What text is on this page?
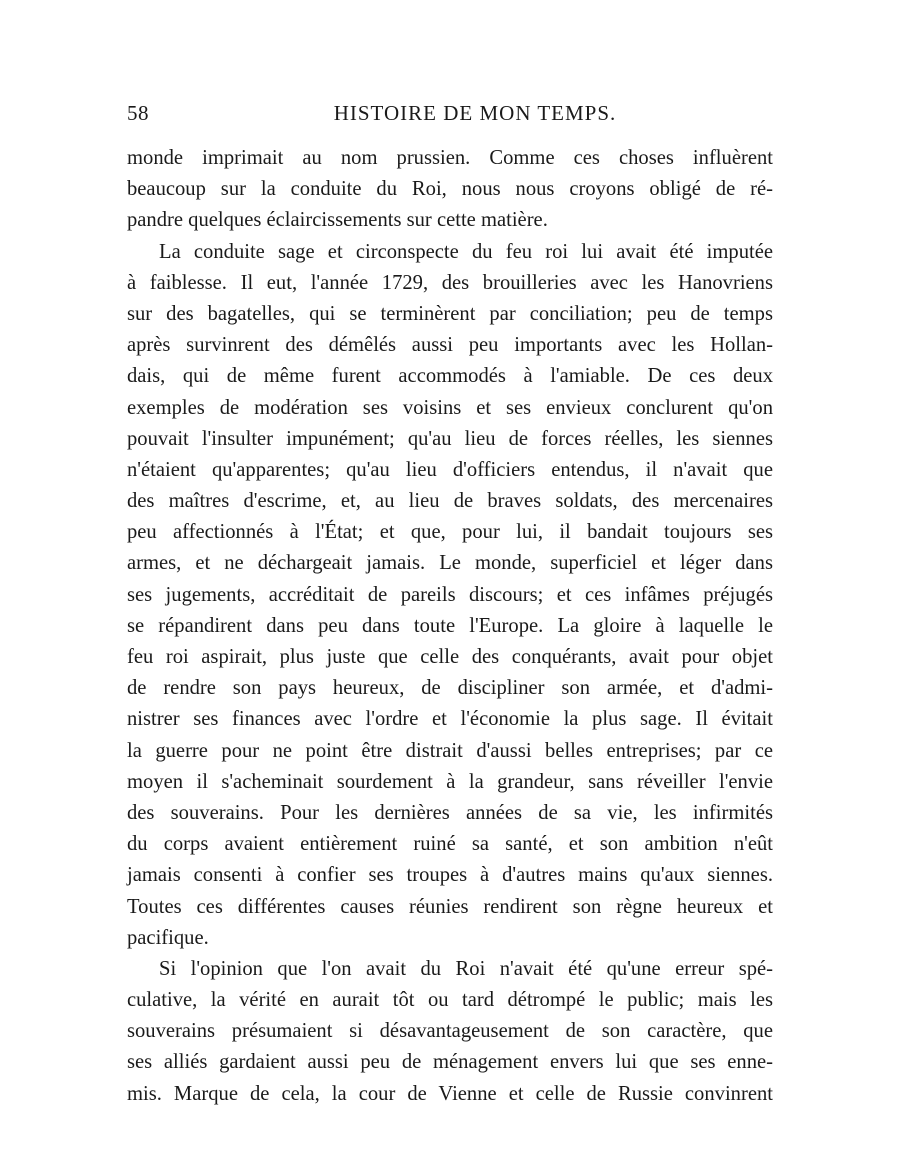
58	HISTOIRE DE MON TEMPS.

monde imprimait au nom prussien. Comme ces choses influèrent
beaucoup sur la conduite du Roi, nous nous croyons obligé de ré-
pandre quelques éclaircissements sur cette matière.

La conduite sage et circonspecte du feu roi lui avait été imputée
à faiblesse. Il eut, l'année 1729, des brouilleries avec les Hanovriens
sur des bagatelles, qui se terminèrent par conciliation; peu de temps
après survinrent des démêlés aussi peu importants avec les Hollan-
dais, qui de même furent accommodés à l'amiable. De ces deux
exemples de modération ses voisins et ses envieux conclurent qu'on
pouvait l'insulter impunément; qu'au lieu de forces réelles, les siennes
n'étaient qu'apparentes; qu'au lieu d'officiers entendus, il n'avait que
des maîtres d'escrime, et, au lieu de braves soldats, des mercenaires
peu affectionnés à l'État; et que, pour lui, il bandait toujours ses
armes, et ne déchargeait jamais. Le monde, superficiel et léger dans
ses jugements, accréditait de pareils discours; et ces infâmes préjugés
se répandirent dans peu dans toute l'Europe. La gloire à laquelle le
feu roi aspirait, plus juste que celle des conquérants, avait pour objet
de rendre son pays heureux, de discipliner son armée, et d'admi-
nistrer ses finances avec l'ordre et l'économie la plus sage. Il évitait
la guerre pour ne point être distrait d'aussi belles entreprises; par ce
moyen il s'acheminait sourdement à la grandeur, sans réveiller l'envie
des souverains. Pour les dernières années de sa vie, les infirmités
du corps avaient entièrement ruiné sa santé, et son ambition n'eût
jamais consenti à confier ses troupes à d'autres mains qu'aux siennes.
Toutes ces différentes causes réunies rendirent son règne heureux et
pacifique.

Si l'opinion que l'on avait du Roi n'avait été qu'une erreur spé-
culative, la vérité en aurait tôt ou tard détrompé le public; mais les
souverains présumaient si désavantageusement de son caractère, que
ses alliés gardaient aussi peu de ménagement envers lui que ses enne-
mis. Marque de cela, la cour de Vienne et celle de Russie convinrent
